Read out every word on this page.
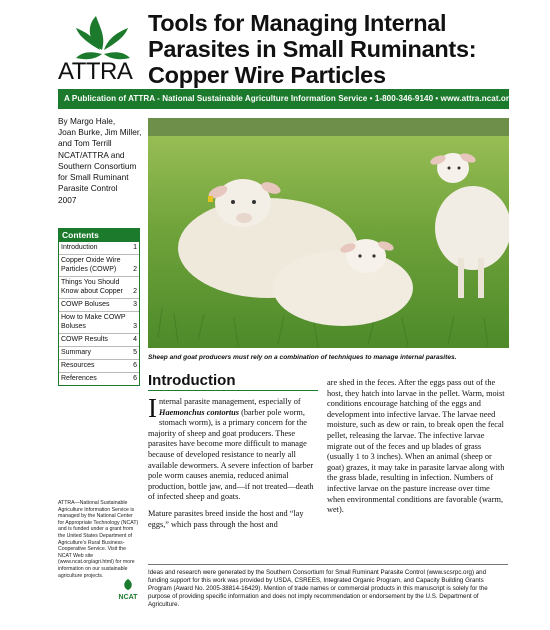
ATTRA
Tools for Managing Internal
Parasites in Small Ruminants:
Copper Wire Particles
A Publication of ATTRA - National Sustainable Agriculture Information Service • 1-800-346-9140 • www.attra.ncat.org
By Margo Hale,
Joan Burke, Jim Miller,
and Tom Terrill
NCAT/ATTRA and Southern Consortium for Small Ruminant Parasite Control
2007
Contents
Introduction	1
Copper Oxide Wire Particles (COWP)	2
Things You Should Know about Copper	2
COWP Boluses	3
How to Make COWP Boluses	3
COWP Results	4
Summary	5
Resources	6
References	6
Sheep and goat producers must rely on a combination of techniques to manage internal parasites.
Introduction

Internal parasite management, especially of Haemonchus contortus (barber pole worm, stomach worm), is a primary concern for the majority of sheep and goat producers. These parasites have become more difficult to manage because of developed resistance to nearly all available dewormers. A severe infection of barber pole worm causes anemia, reduced animal production, bottle jaw, and—if not treated—death of infected sheep and goats.

Mature parasites breed inside the host and “lay eggs,” which pass through the host and

are shed in the feces. After the eggs pass out of the host, they hatch into larvae in the pellet. Warm, moist conditions encourage hatching of the eggs and development into infective larvae. The larvae need moisture, such as dew or rain, to break open the fecal pellet, releasing the larvae. The infective larvae migrate out of the feces and up blades of grass (usually 1 to 3 inches). When an animal (sheep or goat) grazes, it may take in parasite larvae along with the grass blade, resulting in infection. Numbers of infective larvae on the pasture increase over time when environmental conditions are favorable (warm, wet).

ATTRA—National Sustainable Agriculture Information Service is managed by the National Center for Appropriate Technology (NCAT) and is funded under a grant from the United States Department of Agriculture’s Rural Business-Cooperative Service. Visit the NCAT Web site (www.ncat.org/agri.html) for more information on our sustainable agriculture projects.
NCAT
Ideas and research were generated by the Southern Consortium for Small Ruminant Parasite Control (www.scsrpc.org) and funding support for this work was provided by USDA, CSREES, Integrated Organic Program, and Capacity Building Grants Program (Award No. 2005-38814-16429). Mention of trade names or commercial products in this manuscript is solely for the purpose of providing specific information and does not imply recommendation or endorsement by the U.S. Department of Agriculture.
